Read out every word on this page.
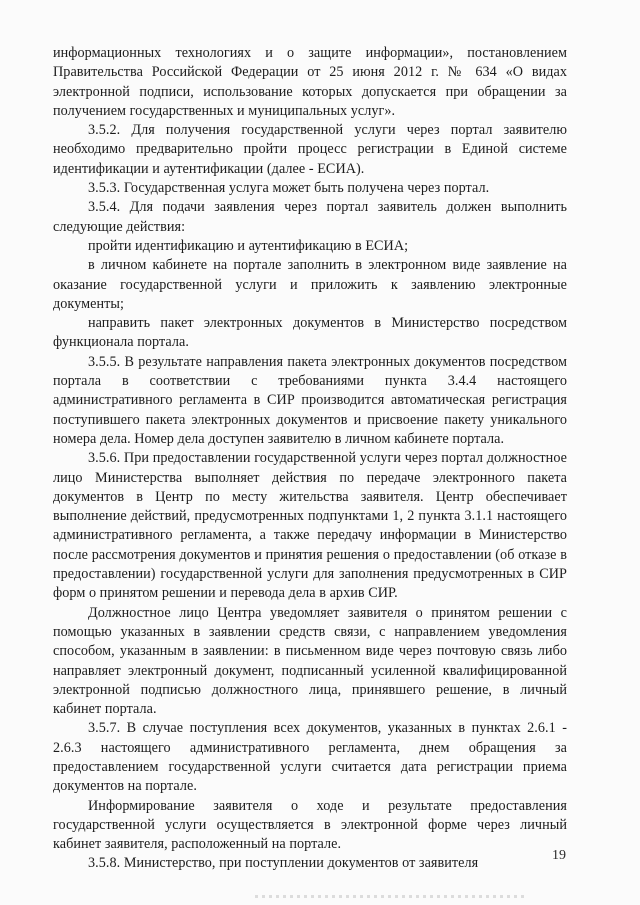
информационных технологиях и о защите информации», постановлением Правительства Российской Федерации от 25 июня 2012 г. № 634 «О видах электронной подписи, использование которых допускается при обращении за получением государственных и муниципальных услуг».

3.5.2. Для получения государственной услуги через портал заявителю необходимо предварительно пройти процесс регистрации в Единой системе идентификации и аутентификации (далее - ЕСИА).

3.5.3. Государственная услуга может быть получена через портал.

3.5.4. Для подачи заявления через портал заявитель должен выполнить следующие действия:

пройти идентификацию и аутентификацию в ЕСИА;

в личном кабинете на портале заполнить в электронном виде заявление на оказание государственной услуги и приложить к заявлению электронные документы;

направить пакет электронных документов в Министерство посредством функционала портала.

3.5.5. В результате направления пакета электронных документов посредством портала в соответствии с требованиями пункта 3.4.4 настоящего административного регламента в СИР производится автоматическая регистрация поступившего пакета электронных документов и присвоение пакету уникального номера дела. Номер дела доступен заявителю в личном кабинете портала.

3.5.6. При предоставлении государственной услуги через портал должностное лицо Министерства выполняет действия по передаче электронного пакета документов в Центр по месту жительства заявителя. Центр обеспечивает выполнение действий, предусмотренных подпунктами 1, 2 пункта 3.1.1 настоящего административного регламента, а также передачу информации в Министерство после рассмотрения документов и принятия решения о предоставлении (об отказе в предоставлении) государственной услуги для заполнения предусмотренных в СИР форм о принятом решении и перевода дела в архив СИР.

Должностное лицо Центра уведомляет заявителя о принятом решении с помощью указанных в заявлении средств связи, с направлением уведомления способом, указанным в заявлении: в письменном виде через почтовую связь либо направляет электронный документ, подписанный усиленной квалифицированной электронной подписью должностного лица, принявшего решение, в личный кабинет портала.

3.5.7. В случае поступления всех документов, указанных в пунктах 2.6.1 - 2.6.3 настоящего административного регламента, днем обращения за предоставлением государственной услуги считается дата регистрации приема документов на портале.

Информирование заявителя о ходе и результате предоставления государственной услуги осуществляется в электронной форме через личный кабинет заявителя, расположенный на портале.

3.5.8. Министерство, при поступлении документов от заявителя	19
